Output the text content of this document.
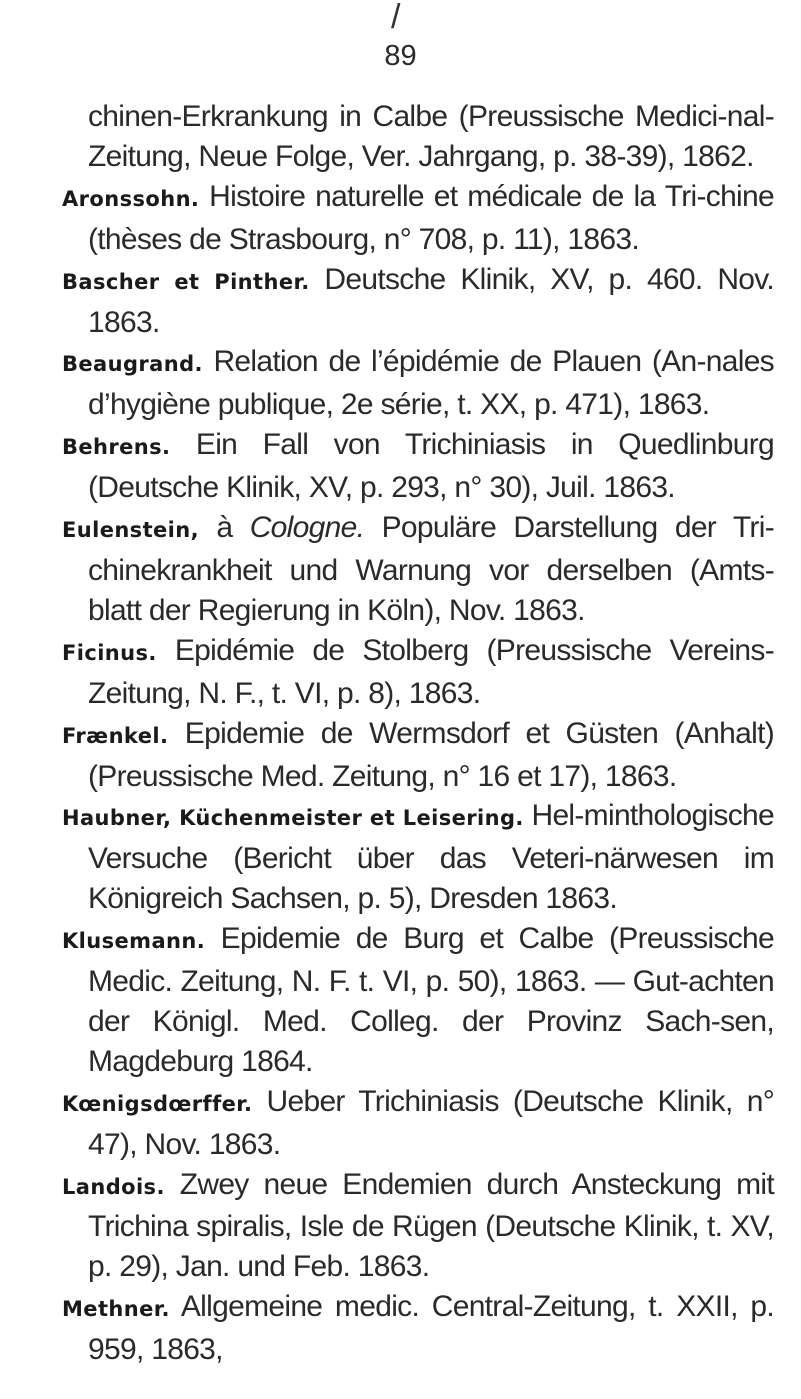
/
89

chinen-Erkrankung in Calbe (Preussische Medici-nal-Zeitung, Neue Folge, Ver. Jahrgang, p. 38-39), 1862.

Aronssohn. Histoire naturelle et médicale de la Tri-chine (thèses de Strasbourg, n° 708, p. 11), 1863.

Bascher et Pinther. Deutsche Klinik, XV, p. 460. Nov. 1863.

Beaugrand. Relation de l’épidémie de Plauen (An-nales d’hygiène publique, 2e série, t. XX, p. 471), 1863.

Behrens. Ein Fall von Trichiniasis in Quedlinburg (Deutsche Klinik, XV, p. 293, n° 30), Juil. 1863.

Eulenstein, à Cologne. Populäre Darstellung der Tri-chinekrankheit und Warnung vor derselben (Amts-blatt der Regierung in Köln), Nov. 1863.

Ficinus. Epidémie de Stolberg (Preussische Vereins-Zeitung, N. F., t. VI, p. 8), 1863.

Frænkel. Epidemie de Wermsdorf et Güsten (Anhalt) (Preussische Med. Zeitung, n° 16 et 17), 1863.

Haubner, Küchenmeister et Leisering. Hel-minthologische Versuche (Bericht über das Veteri-närwesen im Königreich Sachsen, p. 5), Dresden 1863.

Klusemann. Epidemie de Burg et Calbe (Preussische Medic. Zeitung, N. F. t. VI, p. 50), 1863. — Gut-achten der Königl. Med. Colleg. der Provinz Sach-sen, Magdeburg 1864.

Kœnigsdœrffer. Ueber Trichiniasis (Deutsche Klinik, n° 47), Nov. 1863.

Landois. Zwey neue Endemien durch Ansteckung mit Trichina spiralis, Isle de Rügen (Deutsche Klinik, t. XV, p. 29), Jan. und Feb. 1863.

Methner. Allgemeine medic. Central-Zeitung, t. XXII, p. 959, 1863,
